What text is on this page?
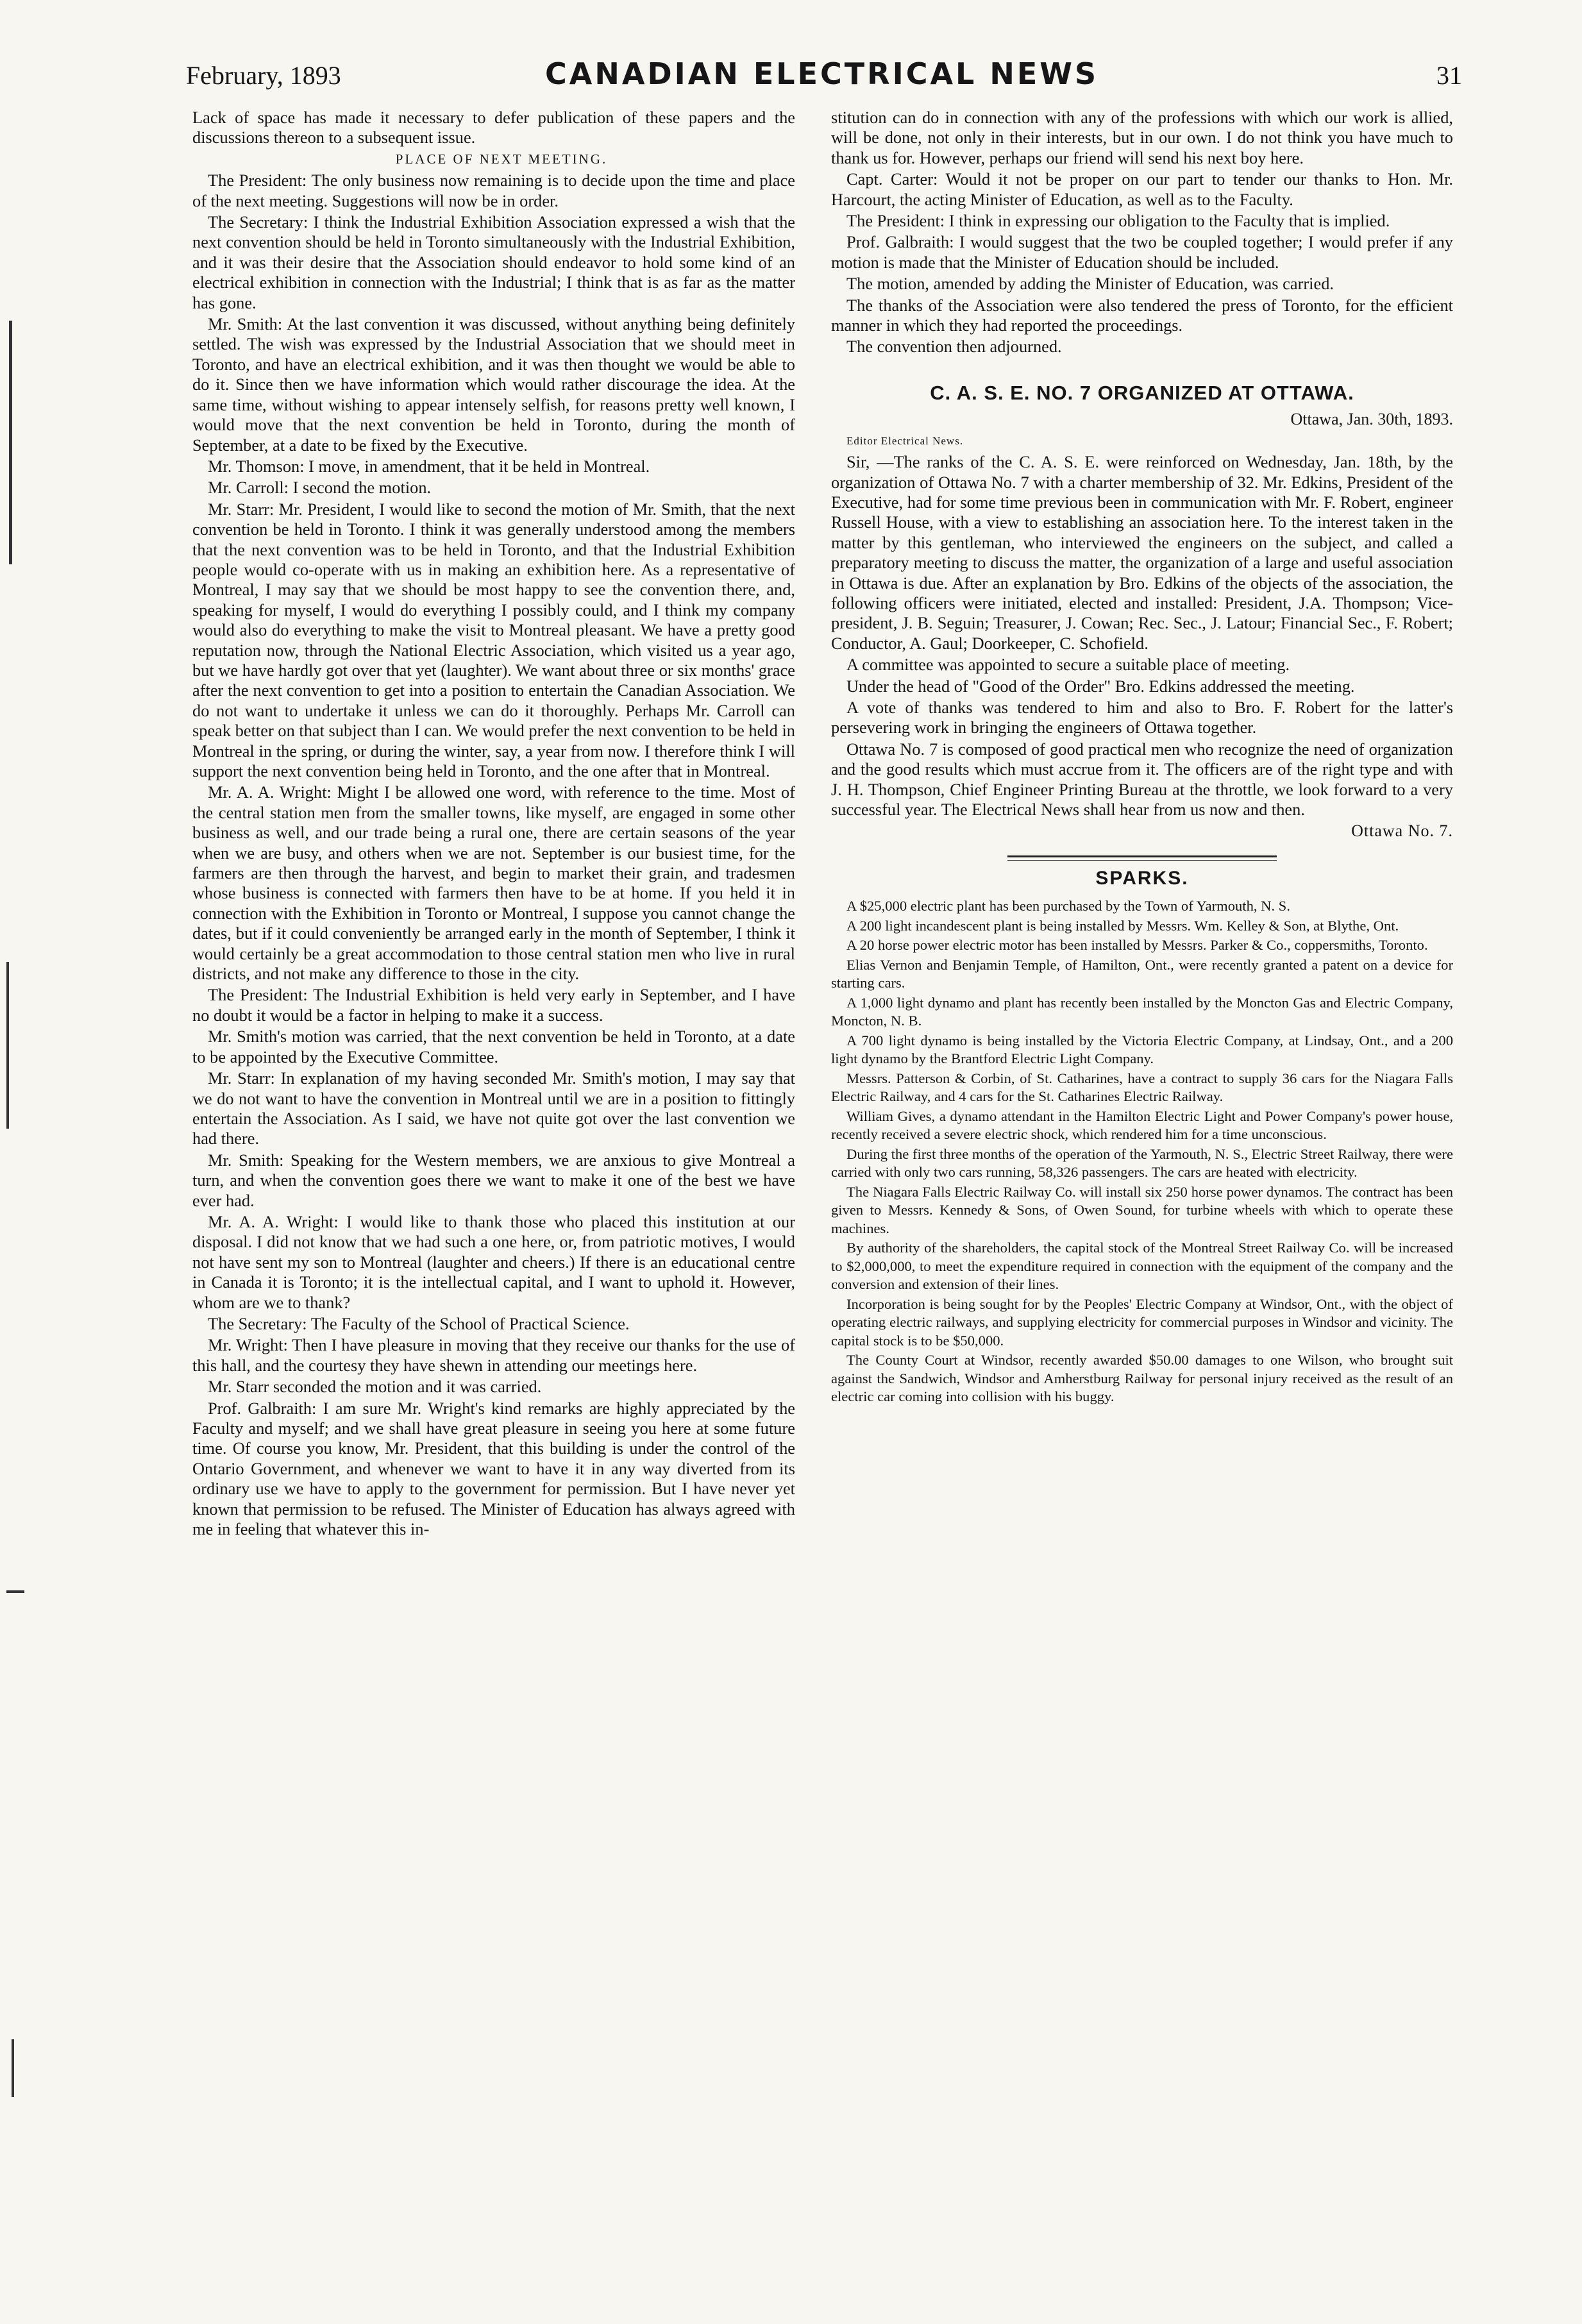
February, 1893	CANADIAN ELECTRICAL NEWS	31

Lack of space has made it necessary to defer publication of these papers and the discussions thereon to a subsequent issue.

PLACE OF NEXT MEETING.

The President: The only business now remaining is to decide upon the time and place of the next meeting. Suggestions will now be in order.

The Secretary: I think the Industrial Exhibition Association expressed a wish that the next convention should be held in Toronto simultaneously with the Industrial Exhibition, and it was their desire that the Association should endeavor to hold some kind of an electrical exhibition in connection with the Industrial; I think that is as far as the matter has gone.

Mr. Smith: At the last convention it was discussed, without anything being definitely settled. The wish was expressed by the Industrial Association that we should meet in Toronto, and have an electrical exhibition, and it was then thought we would be able to do it. Since then we have information which would rather discourage the idea. At the same time, without wishing to appear intensely selfish, for reasons pretty well known, I would move that the next convention be held in Toronto, during the month of September, at a date to be fixed by the Executive.

Mr. Thomson: I move, in amendment, that it be held in Montreal.

Mr. Carroll: I second the motion.

Mr. Starr: Mr. President, I would like to second the motion of Mr. Smith, that the next convention be held in Toronto. I think it was generally understood among the members that the next convention was to be held in Toronto, and that the Industrial Exhibition people would co-operate with us in making an exhibition here. As a representative of Montreal, I may say that we should be most happy to see the convention there, and, speaking for myself, I would do everything I possibly could, and I think my company would also do everything to make the visit to Montreal pleasant. We have a pretty good reputation now, through the National Electric Association, which visited us a year ago, but we have hardly got over that yet (laughter). We want about three or six months' grace after the next convention to get into a position to entertain the Canadian Association. We do not want to undertake it unless we can do it thoroughly. Perhaps Mr. Carroll can speak better on that subject than I can. We would prefer the next convention to be held in Montreal in the spring, or during the winter, say, a year from now. I therefore think I will support the next convention being held in Toronto, and the one after that in Montreal.

Mr. A. A. Wright: Might I be allowed one word, with reference to the time. Most of the central station men from the smaller towns, like myself, are engaged in some other business as well, and our trade being a rural one, there are certain seasons of the year when we are busy, and others when we are not. September is our busiest time, for the farmers are then through the harvest, and begin to market their grain, and tradesmen whose business is connected with farmers then have to be at home. If you held it in connection with the Exhibition in Toronto or Montreal, I suppose you cannot change the dates, but if it could conveniently be arranged early in the month of September, I think it would certainly be a great accommodation to those central station men who live in rural districts, and not make any difference to those in the city.

The President: The Industrial Exhibition is held very early in September, and I have no doubt it would be a factor in helping to make it a success.

Mr. Smith's motion was carried, that the next convention be held in Toronto, at a date to be appointed by the Executive Committee.

Mr. Starr: In explanation of my having seconded Mr. Smith's motion, I may say that we do not want to have the convention in Montreal until we are in a position to fittingly entertain the Association. As I said, we have not quite got over the last convention we had there.

Mr. Smith: Speaking for the Western members, we are anxious to give Montreal a turn, and when the convention goes there we want to make it one of the best we have ever had.

Mr. A. A. Wright: I would like to thank those who placed this institution at our disposal. I did not know that we had such a one here, or, from patriotic motives, I would not have sent my son to Montreal (laughter and cheers.) If there is an educational centre in Canada it is Toronto; it is the intellectual capital, and I want to uphold it. However, whom are we to thank?

The Secretary: The Faculty of the School of Practical Science.

Mr. Wright: Then I have pleasure in moving that they receive our thanks for the use of this hall, and the courtesy they have shewn in attending our meetings here.

Mr. Starr seconded the motion and it was carried.

Prof. Galbraith: I am sure Mr. Wright's kind remarks are highly appreciated by the Faculty and myself; and we shall have great pleasure in seeing you here at some future time. Of course you know, Mr. President, that this building is under the control of the Ontario Government, and whenever we want to have it in any way diverted from its ordinary use we have to apply to the government for permission. But I have never yet known that permission to be refused. The Minister of Education has always agreed with me in feeling that whatever this in-

stitution can do in connection with any of the professions with which our work is allied, will be done, not only in their interests, but in our own. I do not think you have much to thank us for. However, perhaps our friend will send his next boy here.

Capt. Carter: Would it not be proper on our part to tender our thanks to Hon. Mr. Harcourt, the acting Minister of Education, as well as to the Faculty.

The President: I think in expressing our obligation to the Faculty that is implied.

Prof. Galbraith: I would suggest that the two be coupled together; I would prefer if any motion is made that the Minister of Education should be included.

The motion, amended by adding the Minister of Education, was carried.

The thanks of the Association were also tendered the press of Toronto, for the efficient manner in which they had reported the proceedings.

The convention then adjourned.

C. A. S. E. NO. 7 ORGANIZED AT OTTAWA.

Ottawa, Jan. 30th, 1893.

Editor Electrical News.

Sir, —The ranks of the C. A. S. E. were reinforced on Wednesday, Jan. 18th, by the organization of Ottawa No. 7 with a charter membership of 32. Mr. Edkins, President of the Executive, had for some time previous been in communication with Mr. F. Robert, engineer Russell House, with a view to establishing an association here. To the interest taken in the matter by this gentleman, who interviewed the engineers on the subject, and called a preparatory meeting to discuss the matter, the organization of a large and useful association in Ottawa is due. After an explanation by Bro. Edkins of the objects of the association, the following officers were initiated, elected and installed: President, J.A. Thompson; Vice-president, J. B. Seguin; Treasurer, J. Cowan; Rec. Sec., J. Latour; Financial Sec., F. Robert; Conductor, A. Gaul; Doorkeeper, C. Schofield.

A committee was appointed to secure a suitable place of meeting.

Under the head of "Good of the Order" Bro. Edkins addressed the meeting.

A vote of thanks was tendered to him and also to Bro. F. Robert for the latter's persevering work in bringing the engineers of Ottawa together.

Ottawa No. 7 is composed of good practical men who recognize the need of organization and the good results which must accrue from it. The officers are of the right type and with J. H. Thompson, Chief Engineer Printing Bureau at the throttle, we look forward to a very successful year. The Electrical News shall hear from us now and then.

Ottawa No. 7.

SPARKS.

A $25,000 electric plant has been purchased by the Town of Yarmouth, N. S.

A 200 light incandescent plant is being installed by Messrs. Wm. Kelley & Son, at Blythe, Ont.

A 20 horse power electric motor has been installed by Messrs. Parker & Co., coppersmiths, Toronto.

Elias Vernon and Benjamin Temple, of Hamilton, Ont., were recently granted a patent on a device for starting cars.

A 1,000 light dynamo and plant has recently been installed by the Moncton Gas and Electric Company, Moncton, N. B.

A 700 light dynamo is being installed by the Victoria Electric Company, at Lindsay, Ont., and a 200 light dynamo by the Brantford Electric Light Company.

Messrs. Patterson & Corbin, of St. Catharines, have a contract to supply 36 cars for the Niagara Falls Electric Railway, and 4 cars for the St. Catharines Electric Railway.

William Gives, a dynamo attendant in the Hamilton Electric Light and Power Company's power house, recently received a severe electric shock, which rendered him for a time unconscious.

During the first three months of the operation of the Yarmouth, N. S., Electric Street Railway, there were carried with only two cars running, 58,326 passengers. The cars are heated with electricity.

The Niagara Falls Electric Railway Co. will install six 250 horse power dynamos. The contract has been given to Messrs. Kennedy & Sons, of Owen Sound, for turbine wheels with which to operate these machines.

By authority of the shareholders, the capital stock of the Montreal Street Railway Co. will be increased to $2,000,000, to meet the expenditure required in connection with the equipment of the company and the conversion and extension of their lines.

Incorporation is being sought for by the Peoples' Electric Company at Windsor, Ont., with the object of operating electric railways, and supplying electricity for commercial purposes in Windsor and vicinity. The capital stock is to be $50,000.

The County Court at Windsor, recently awarded $50.00 damages to one Wilson, who brought suit against the Sandwich, Windsor and Amherstburg Railway for personal injury received as the result of an electric car coming into collision with his buggy.
